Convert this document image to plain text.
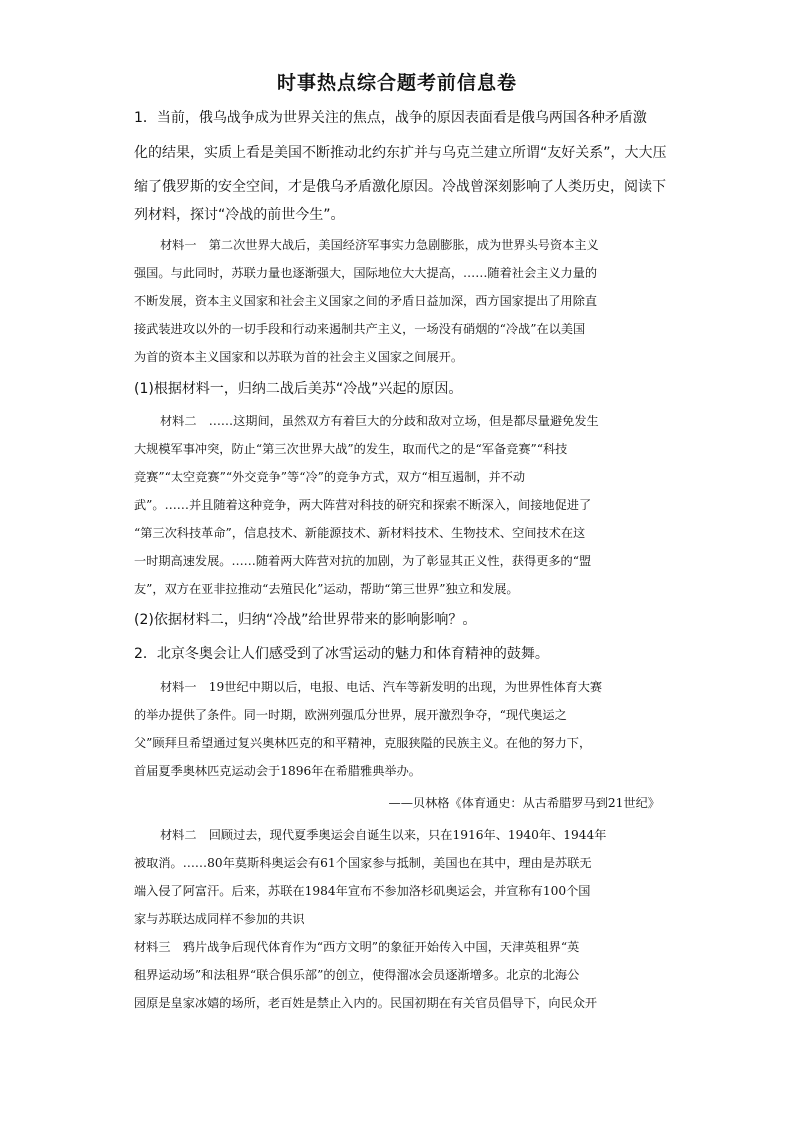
时事热点综合题考前信息卷
1．当前，俄乌战争成为世界关注的焦点，战争的原因表面看是俄乌两国各种矛盾激
化的结果，实质上看是美国不断推动北约东扩并与乌克兰建立所谓“友好关系”，大大压
缩了俄罗斯的安全空间，才是俄乌矛盾激化原因。冷战曾深刻影响了人类历史，阅读下
列材料，探讨“冷战的前世今生”。
材料一　第二次世界大战后，美国经济军事实力急剧膨胀，成为世界头号资本主义
强国。与此同时，苏联力量也逐渐强大，国际地位大大提高，……随着社会主义力量的
不断发展，资本主义国家和社会主义国家之间的矛盾日益加深，西方国家提出了用除直
接武装进攻以外的一切手段和行动来遏制共产主义，一场没有硝烟的“冷战”在以美国
为首的资本主义国家和以苏联为首的社会主义国家之间展开。
(1)根据材料一，归纳二战后美苏“冷战”兴起的原因。
材料二　……这期间，虽然双方有着巨大的分歧和敌对立场，但是都尽量避免发生
大规模军事冲突，防止“第三次世界大战”的发生，取而代之的是“军备竞赛”“科技
竞赛”“太空竞赛”“外交竞争”等“冷”的竞争方式，双方“相互遏制，并不动
武”。……并且随着这种竞争，两大阵营对科技的研究和探索不断深入，间接地促进了
“第三次科技革命”，信息技术、新能源技术、新材料技术、生物技术、空间技术在这
一时期高速发展。……随着两大阵营对抗的加剧，为了彰显其正义性，获得更多的“盟
友”，双方在亚非拉推动“去殖民化”运动，帮助“第三世界”独立和发展。
(2)依据材料二，归纳“冷战”给世界带来的影响影响？。
2．北京冬奥会让人们感受到了冰雪运动的魅力和体育精神的鼓舞。
材料一　19世纪中期以后，电报、电话、汽车等新发明的出现，为世界性体育大赛
的举办提供了条件。同一时期，欧洲列强瓜分世界，展开激烈争夺，“现代奥运之
父”顾拜旦希望通过复兴奥林匹克的和平精神，克服狭隘的民族主义。在他的努力下，
首届夏季奥林匹克运动会于1896年在希腊雅典举办。
——贝林格《体育通史：从古希腊罗马到21世纪》
材料二　回顾过去，现代夏季奥运会自诞生以来，只在1916年、1940年、1944年
被取消。……80年莫斯科奥运会有61个国家参与抵制，美国也在其中，理由是苏联无
端入侵了阿富汗。后来，苏联在1984年宣布不参加洛杉矶奥运会，并宣称有100个国
家与苏联达成同样不参加的共识
材料三　鸦片战争后现代体育作为“西方文明”的象征开始传入中国，天津英租界“英
租界运动场”和法租界“联合俱乐部”的创立，使得溜冰会员逐渐增多。北京的北海公
园原是皇家冰嬉的场所，老百姓是禁止入内的。民国初期在有关官员倡导下，向民众开
